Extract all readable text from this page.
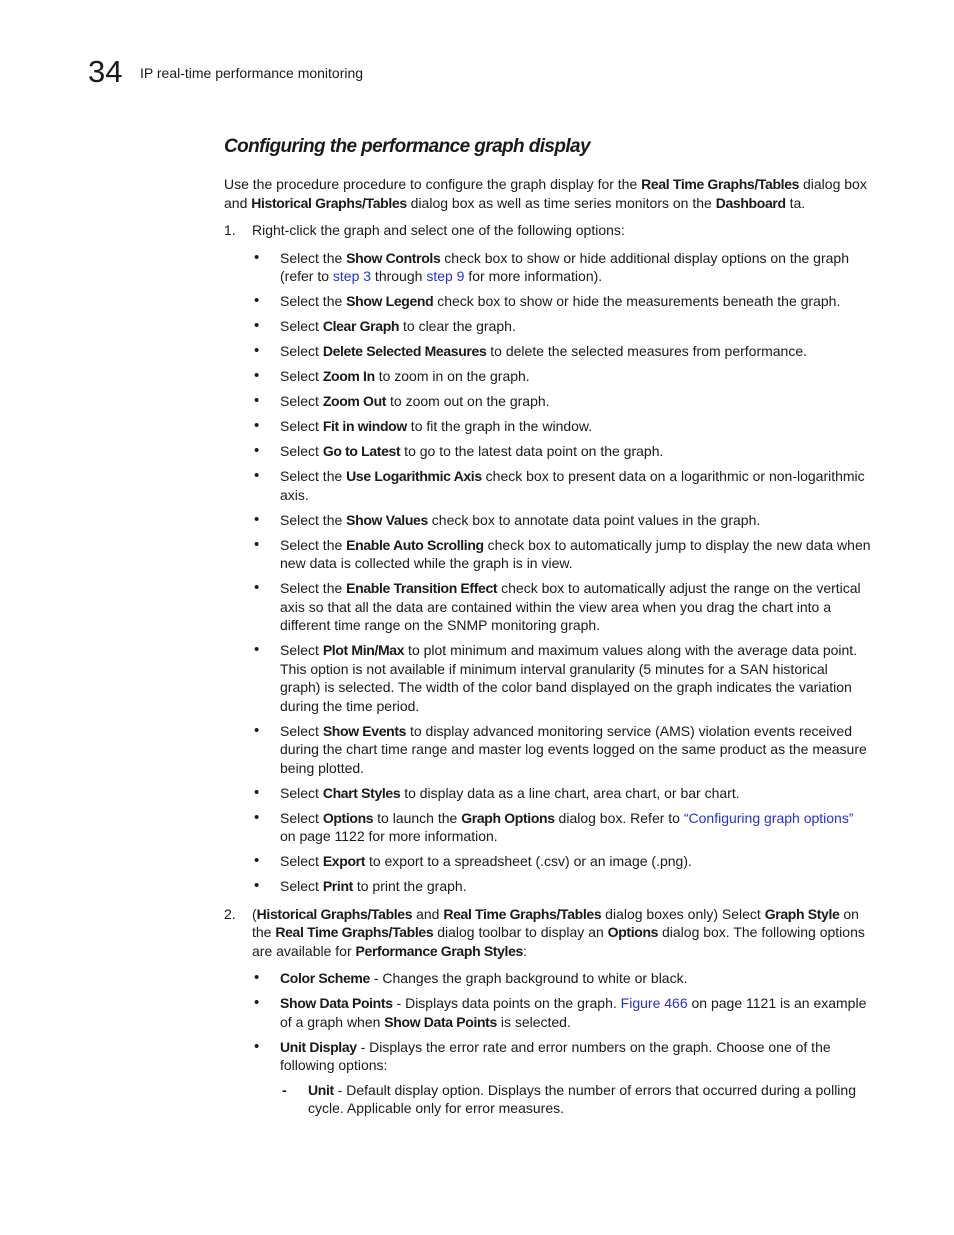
34 IP real-time performance monitoring
Configuring the performance graph display

Use the procedure procedure to configure the graph display for the Real Time Graphs/Tables dialog box and Historical Graphs/Tables dialog box as well as time series monitors on the Dashboard ta.

1. Right-click the graph and select one of the following options:

• Select the Show Controls check box to show or hide additional display options on the graph (refer to step 3 through step 9 for more information).
• Select the Show Legend check box to show or hide the measurements beneath the graph.
• Select Clear Graph to clear the graph.
• Select Delete Selected Measures to delete the selected measures from performance.
• Select Zoom In to zoom in on the graph.
• Select Zoom Out to zoom out on the graph.
• Select Fit in window to fit the graph in the window.
• Select Go to Latest to go to the latest data point on the graph.
• Select the Use Logarithmic Axis check box to present data on a logarithmic or non-logarithmic axis.
• Select the Show Values check box to annotate data point values in the graph.
• Select the Enable Auto Scrolling check box to automatically jump to display the new data when new data is collected while the graph is in view.
• Select the Enable Transition Effect check box to automatically adjust the range on the vertical axis so that all the data are contained within the view area when you drag the chart into a different time range on the SNMP monitoring graph.
• Select Plot Min/Max to plot minimum and maximum values along with the average data point. This option is not available if minimum interval granularity (5 minutes for a SAN historical graph) is selected. The width of the color band displayed on the graph indicates the variation during the time period.
• Select Show Events to display advanced monitoring service (AMS) violation events received during the chart time range and master log events logged on the same product as the measure being plotted.
• Select Chart Styles to display data as a line chart, area chart, or bar chart.
• Select Options to launch the Graph Options dialog box. Refer to “Configuring graph options” on page 1122 for more information.
• Select Export to export to a spreadsheet (.csv) or an image (.png).
• Select Print to print the graph.
2. (Historical Graphs/Tables and Real Time Graphs/Tables dialog boxes only) Select Graph Style on the Real Time Graphs/Tables dialog toolbar to display an Options dialog box. The following options are available for Performance Graph Styles:

• Color Scheme - Changes the graph background to white or black.
• Show Data Points - Displays data points on the graph. Figure 466 on page 1121 is an example of a graph when Show Data Points is selected.
• Unit Display - Displays the error rate and error numbers on the graph. Choose one of the following options:
- Unit - Default display option. Displays the number of errors that occurred during a polling cycle. Applicable only for error measures.
